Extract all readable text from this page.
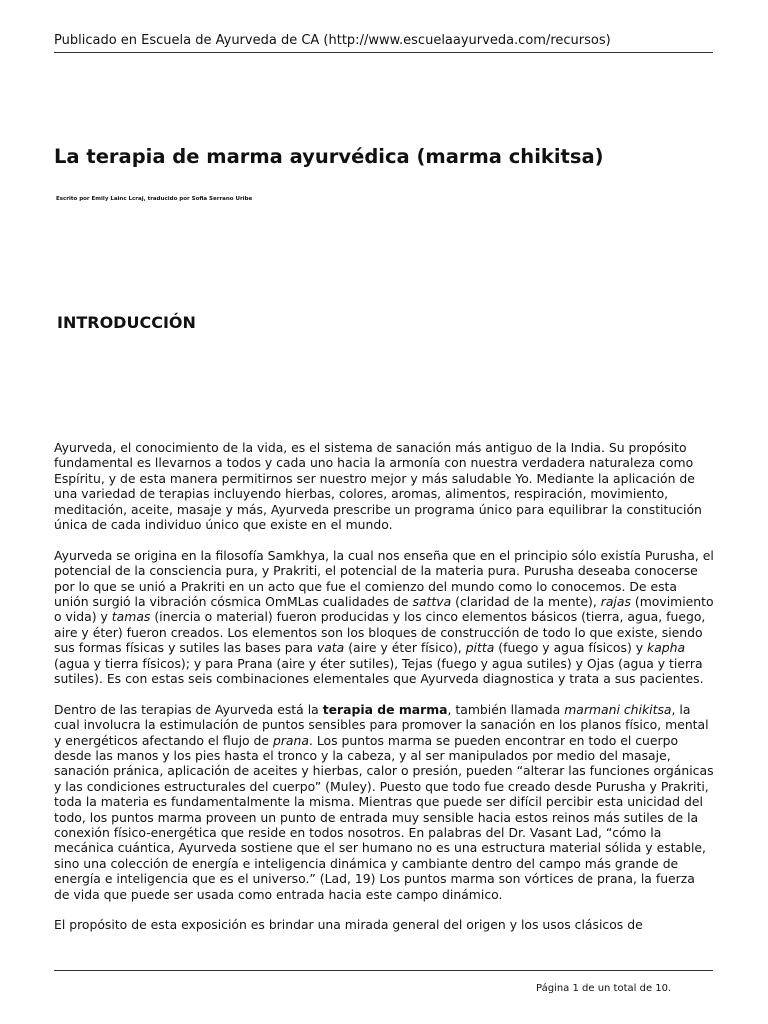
Publicado en Escuela de Ayurveda de CA (http://www.escuelaayurveda.com/recursos)
La terapia de marma ayurvédica (marma chikitsa)
Escrito por Emily Lainc Lcraj, traducido por Sofia Serrano Uribe
INTRODUCCIÓN

Ayurveda, el conocimiento de la vida, es el sistema de sanación más antiguo de la India. Su propósito fundamental es llevarnos a todos y cada uno hacia la armonía con nuestra verdadera naturaleza como Espíritu, y de esta manera permitirnos ser nuestro mejor y más saludable Yo. Mediante la aplicación de una variedad de terapias incluyendo hierbas, colores, aromas, alimentos, respiración, movimiento, meditación, aceite, masaje y más, Ayurveda prescribe un programa único para equilibrar la constitución única de cada individuo único que existe en el mundo.

Ayurveda se origina en la filosofía Samkhya, la cual nos enseña que en el principio sólo existía Purusha, el potencial de la consciencia pura, y Prakriti, el potencial de la materia pura. Purusha deseaba conocerse por lo que se unió a Prakriti en un acto que fue el comienzo del mundo como lo conocemos. De esta unión surgió la vibración cósmica OmMLas cualidades de sattva (claridad de la mente), rajas (movimiento o vida) y tamas (inercia o material) fueron producidas y los cinco elementos básicos (tierra, agua, fuego, aire y éter) fueron creados. Los elementos son los bloques de construcción de todo lo que existe, siendo sus formas físicas y sutiles las bases para vata (aire y éter físico), pitta (fuego y agua físicos) y kapha (agua y tierra físicos); y para Prana (aire y éter sutiles), Tejas (fuego y agua sutiles) y Ojas (agua y tierra sutiles). Es con estas seis combinaciones elementales que Ayurveda diagnostica y trata a sus pacientes.

Dentro de las terapias de Ayurveda está la terapia de marma, también llamada marmani chikitsa, la cual involucra la estimulación de puntos sensibles para promover la sanación en los planos físico, mental y energéticos afectando el flujo de prana. Los puntos marma se pueden encontrar en todo el cuerpo desde las manos y los pies hasta el tronco y la cabeza, y al ser manipulados por medio del masaje, sanación pránica, aplicación de aceites y hierbas, calor o presión, pueden “alterar las funciones orgánicas y las condiciones estructurales del cuerpo” (Muley). Puesto que todo fue creado desde Purusha y Prakriti, toda la materia es fundamentalmente la misma. Mientras que puede ser difícil percibir esta unicidad del todo, los puntos marma proveen un punto de entrada muy sensible hacia estos reinos más sutiles de la conexión físico-energética que reside en todos nosotros. En palabras del Dr. Vasant Lad, “cómo la mecánica cuántica, Ayurveda sostiene que el ser humano no es una estructura material sólida y estable, sino una colección de energía e inteligencia dinámica y cambiante dentro del campo más grande de energía e inteligencia que es el universo.” (Lad, 19) Los puntos marma son vórtices de prana, la fuerza de vida que puede ser usada como entrada hacia este campo dinámico.

El propósito de esta exposición es brindar una mirada general del origen y los usos clásicos de

Página 1 de un total de 10.
